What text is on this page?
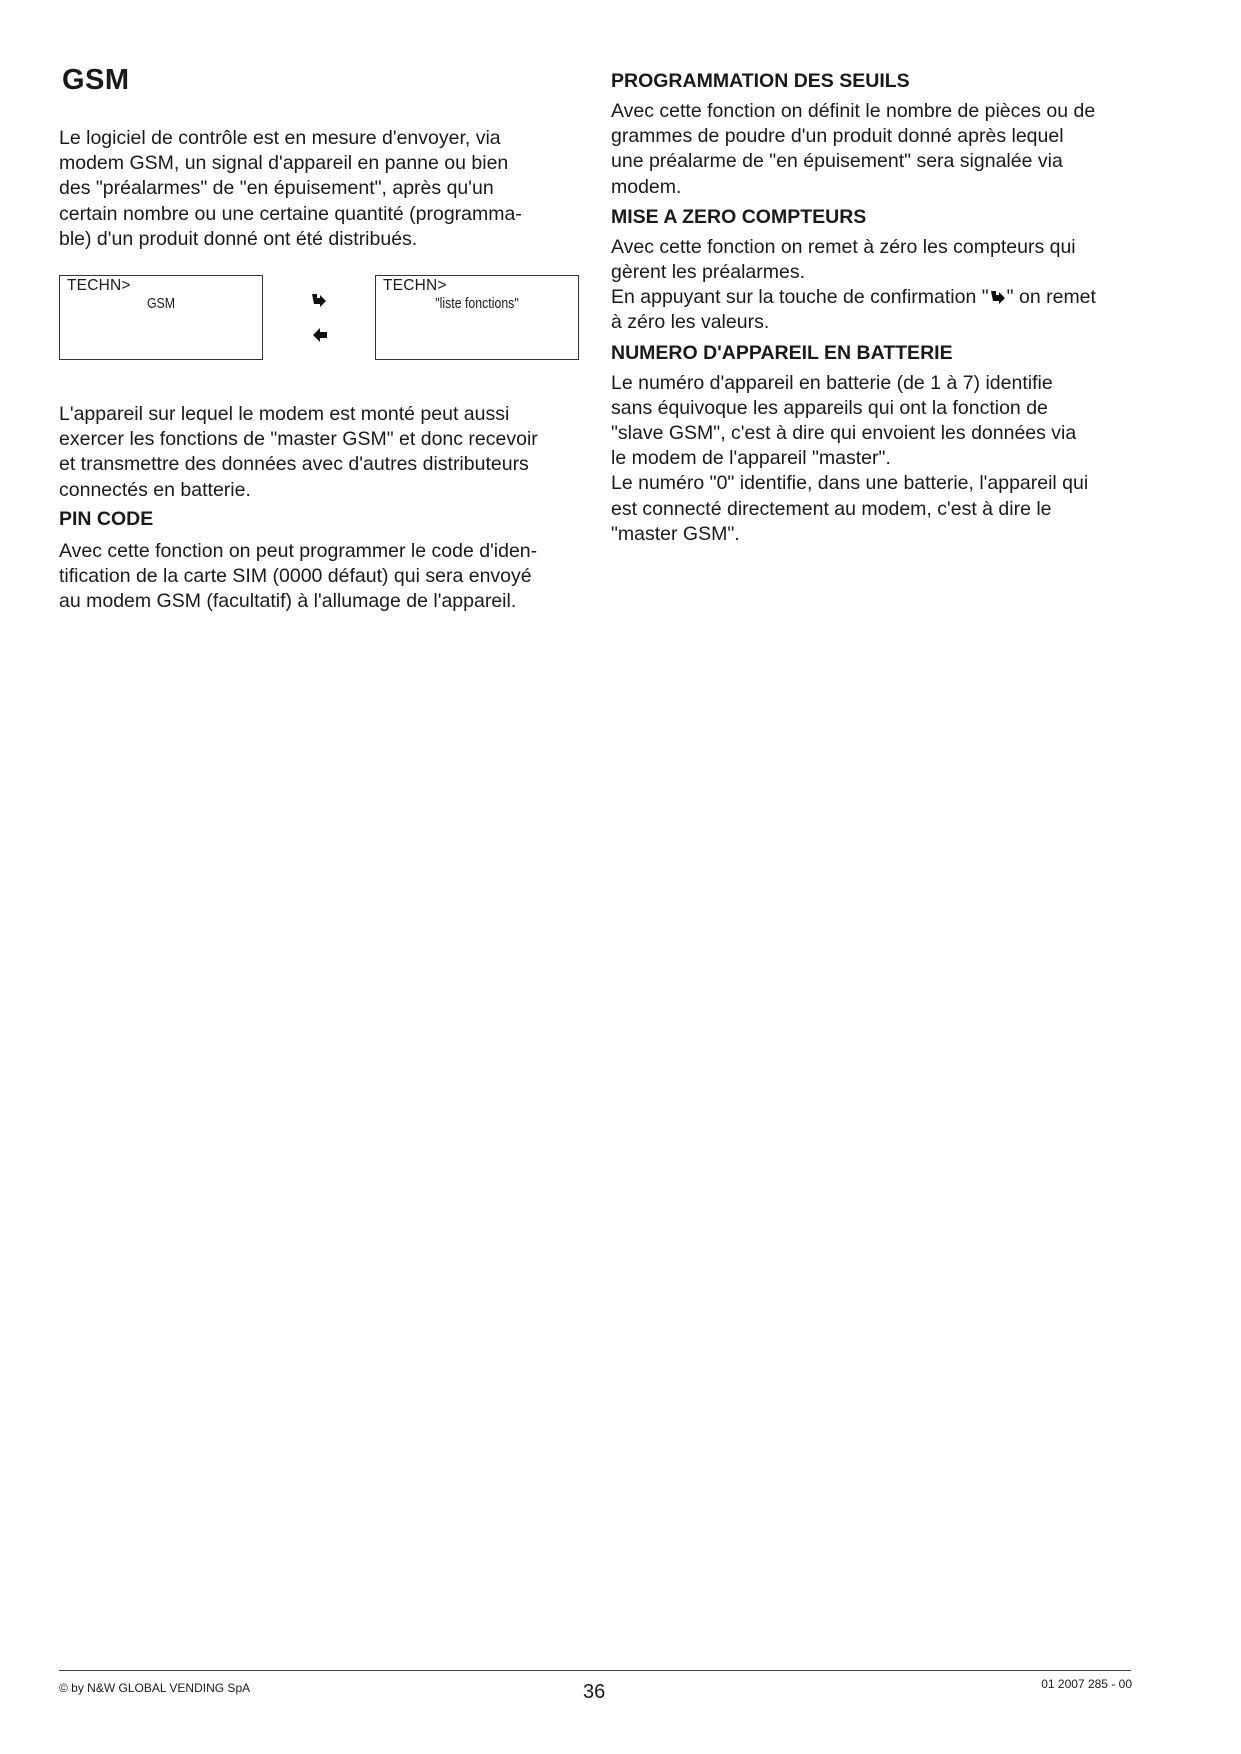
GSM

Le logiciel de contrôle est en mesure d'envoyer, via

modem GSM, un signal d'appareil en panne ou bien

des "préalarmes" de "en épuisement", après qu'un

certain nombre ou une certaine quantité (programma-

ble) d'un produit donné ont été distribués.

TECHN>
GSM
TECHN>
"liste fonctions"

L'appareil sur lequel le modem est monté peut aussi

exercer les fonctions de "master GSM" et donc recevoir

et transmettre des données avec d'autres distributeurs

connectés en batterie.

PIN CODE

Avec cette fonction on peut programmer le code d'iden-

tification de la carte SIM (0000 défaut) qui sera envoyé

au modem GSM (facultatif) à l'allumage de l'appareil.

PROGRAMMATION DES SEUILS

Avec cette fonction on définit le nombre de pièces ou de

grammes de poudre d'un produit donné après lequel

une préalarme de "en épuisement" sera signalée via

modem.

MISE A ZERO COMPTEURS

Avec cette fonction on remet à zéro les compteurs qui

gèrent les préalarmes.

En appuyant sur la touche de confirmation " " on remet

à zéro les valeurs.

NUMERO D'APPAREIL EN BATTERIE

Le numéro d'appareil en batterie (de 1 à 7) identifie

sans équivoque les appareils qui ont la fonction de

"slave GSM", c'est à dire qui envoient les données via

le modem de l'appareil "master".

Le numéro "0" identifie, dans une batterie, l'appareil qui

est connecté directement au modem, c'est à dire le

"master GSM".

© by N&W GLOBAL VENDING SpA	36	01 2007 285 - 00
